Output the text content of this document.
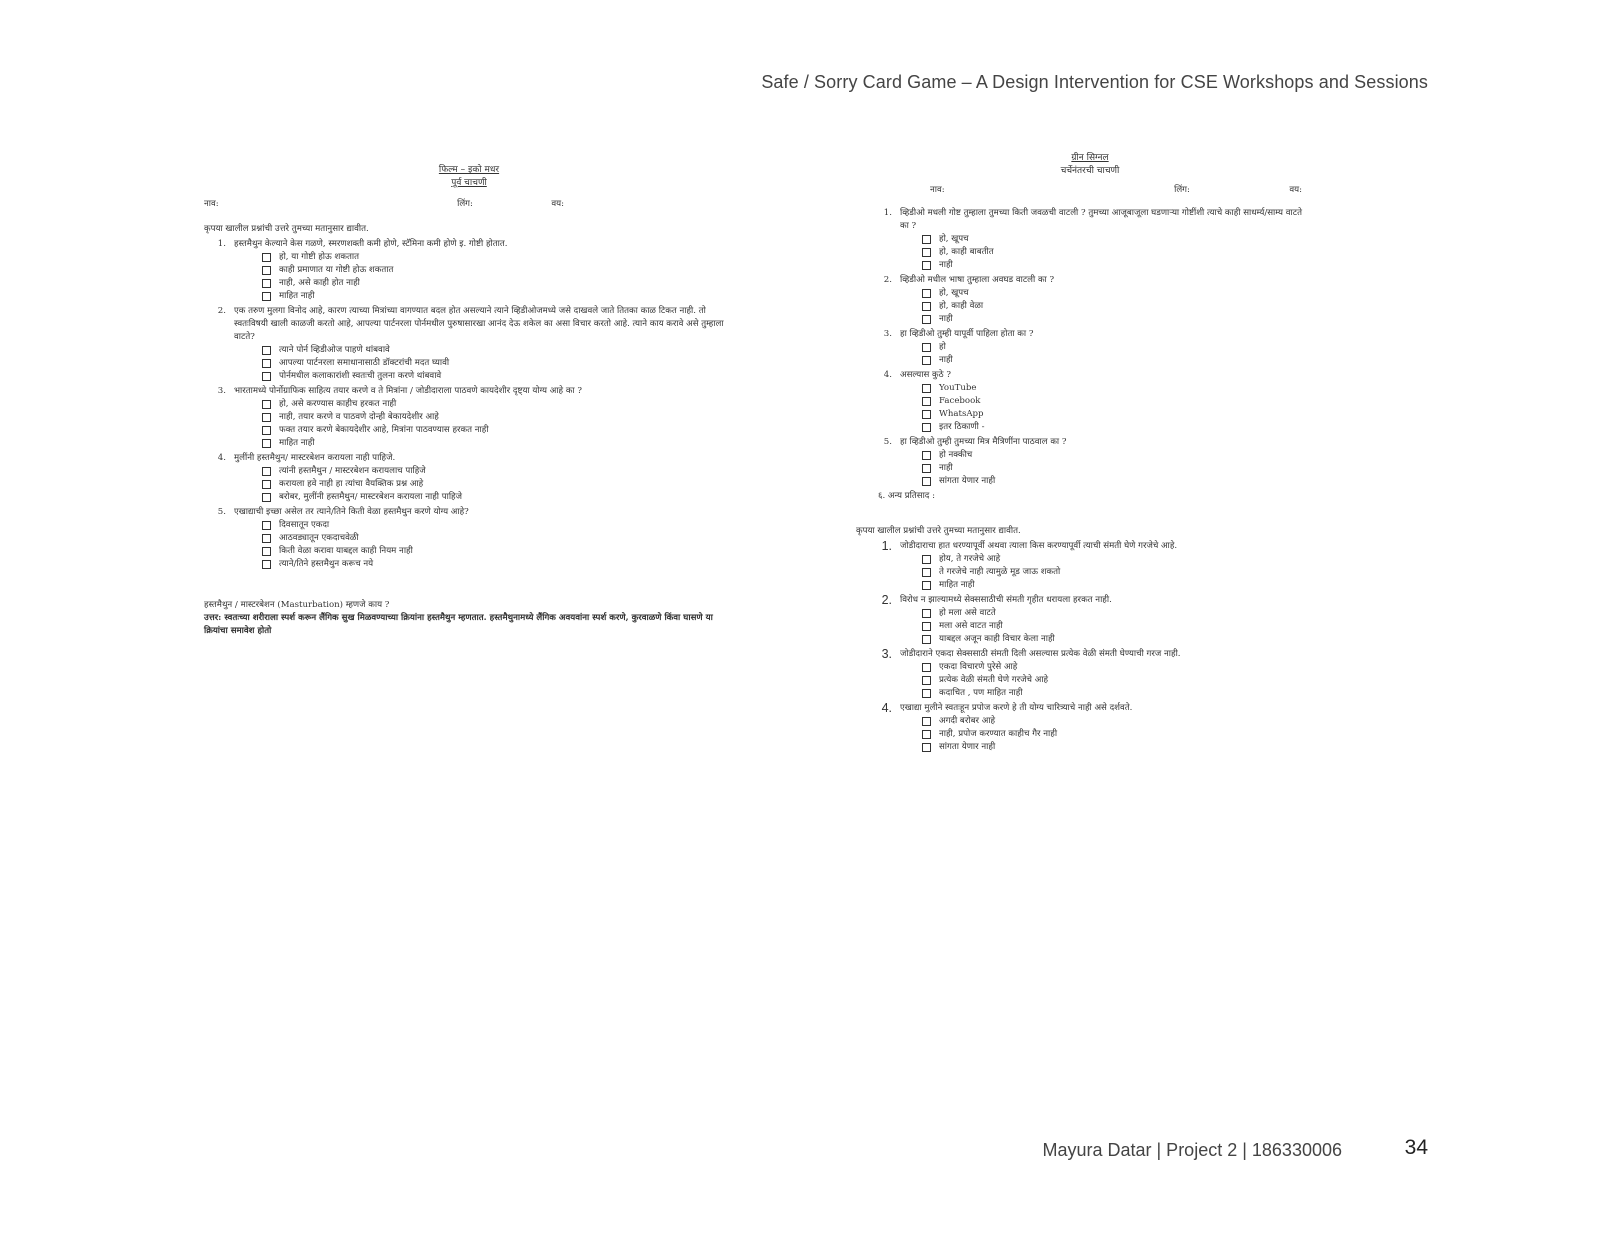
Safe / Sorry Card Game – A Design Intervention for CSE Workshops and Sessions
फिल्म – इको मधर
पूर्व चाचणी
नाव:	लिंग:	वय:
कृपया खालील प्रश्नांची उत्तरे तुमच्या मतानुसार द्यावीत.
1. हस्तमैथुन केल्याने केस गळणे, स्मरणशक्ती कमी होणे, स्टॅमिना कमी होणे इ. गोष्टी होतात.
हो, या गोष्टी होऊ शकतात
काही प्रमाणात या गोष्टी होऊ शकतात
नाही, असे काही होत नाही
माहित नाही
2. एक तरुण मुलगा विनोद आहे, कारण त्याच्या मित्रांच्या वागण्यात बदल होत असल्याने त्याने व्हिडीओजमध्ये जसे दाखवले जाते तितका काळ टिकत नाही. तो स्वतःविषयी खाली काळजी करतो आहे, आपल्या पार्टनरला पोर्नमधील पुरुषासारखा आनंद देऊ शकेल का असा विचार करतो आहे. त्याने काय करावे असे तुम्हाला वाटते?
त्याने पोर्न व्हिडीओज पाहणे थांबवावे
आपल्या पार्टनरला समाधानासाठी डॉक्टरांची मदत घ्यावी
पोर्नमधील कलाकारांशी स्वतःची तुलना करणे थांबवावे
3. भारतामध्ये पोर्नोग्राफिक साहित्य तयार करणे व ते मित्रांना / जोडीदाराला पाठवणे कायदेशीर दृष्ट्या योग्य आहे का ?
हो, असे करण्यास काहीच हरकत नाही
नाही, तयार करणे व पाठवणे दोन्ही बेकायदेशीर आहे
फक्त तयार करणे बेकायदेशीर आहे, मित्रांना पाठवण्यास हरकत नाही
माहित नाही
4. मुलींनी हस्तमैथुन/ मास्टरबेशन करायला नाही पाहिजे.
त्यांनी हस्तमैथुन / मास्टरबेशन करायलाच पाहिजे
करायला हवे नाही हा त्यांचा वैयक्तिक प्रश्न आहे
बरोबर, मुलींनी हस्तमैथुन/ मास्टरबेशन करायला नाही पाहिजे
5. एखाद्याची इच्छा असेल तर त्याने/तिने किती वेळा हस्तमैथुन करणे योग्य आहे?
दिवसातून एकदा
आठवड्यातून एकदाचवेळी
किती वेळा करावा याबद्दल काही नियम नाही
त्याने/तिने हस्तमैथुन करूच नये
हस्तमैथुन / मास्टरबेशन (Masturbation) म्हणजे काय ?
उत्तर: स्वतःच्या शरीराला स्पर्श करून लैंगिक सुख मिळवण्याच्या क्रियांना हस्तमैथुन म्हणतात. हस्तमैथुनामध्ये लैंगिक अवयवांना स्पर्श करणे, कुरवाळणे किंवा घासणे या क्रियांचा समावेश होतो
ग्रीन सिग्नल
चर्चेनंतरची चाचणी
नाव:	लिंग:	वय:
1. व्हिडीओ मधली गोष्ट तुम्हाला तुमच्या किती जवळची वाटली ? तुमच्या आजूबाजूला घडणाऱ्या गोष्टींशी त्याचे काही साधर्म्य/साम्य वाटते का ?
हो, खूपच
हो, काही बाबतीत
नाही
2. व्हिडीओ मधील भाषा तुम्हाला अवघड वाटली का ?
हो, खूपच
हो, काही वेळा
नाही
3. हा व्हिडीओ तुम्ही यापूर्वी पाहिला होता का ?
हो
नाही
4. असल्यास कुठे ?
YouTube
Facebook
WhatsApp
इतर ठिकाणी -
5. हा व्हिडीओ तुम्ही तुमच्या मित्र मैत्रिणींना पाठवाल का ?
हो नक्कीच
नाही
सांगता येणार नाही
६. अन्य प्रतिसाद :
कृपया खालील प्रश्नांची उत्तरे तुमच्या मतानुसार द्यावीत.
1. जोडीदाराचा हात धरण्यापूर्वी अथवा त्याला किस करण्यापूर्वी त्याची संमती घेणे गरजेचे आहे.
होय, ते गरजेचे आहे
ते गरजेचे नाही त्यामुळे मूड जाऊ शकतो
माहित नाही
2. विरोध न झाल्यामध्ये सेक्ससाठीची संमती गृहीत धरायला हरकत नाही.
हो मला असे वाटते
मला असे वाटत नाही
याबद्दल अजून काही विचार केला नाही
3. जोडीदाराने एकदा सेक्ससाठी संमती दिली असल्यास प्रत्येक वेळी संमती घेण्याची गरज नाही.
एकदा विचारणे पुरेसे आहे
प्रत्येक वेळी संमती घेणे गरजेचे आहे
कदाचित , पण माहित नाही
4. एखाद्या मुलीने स्वतःहून प्रपोज करणे हे ती योग्य चारित्र्याचे नाही असे दर्शवते.
अगदी बरोबर आहे
नाही, प्रपोज करण्यात काहीच गैर नाही
सांगता येणार नाही
Mayura Datar | Project 2 | 186330006	34
